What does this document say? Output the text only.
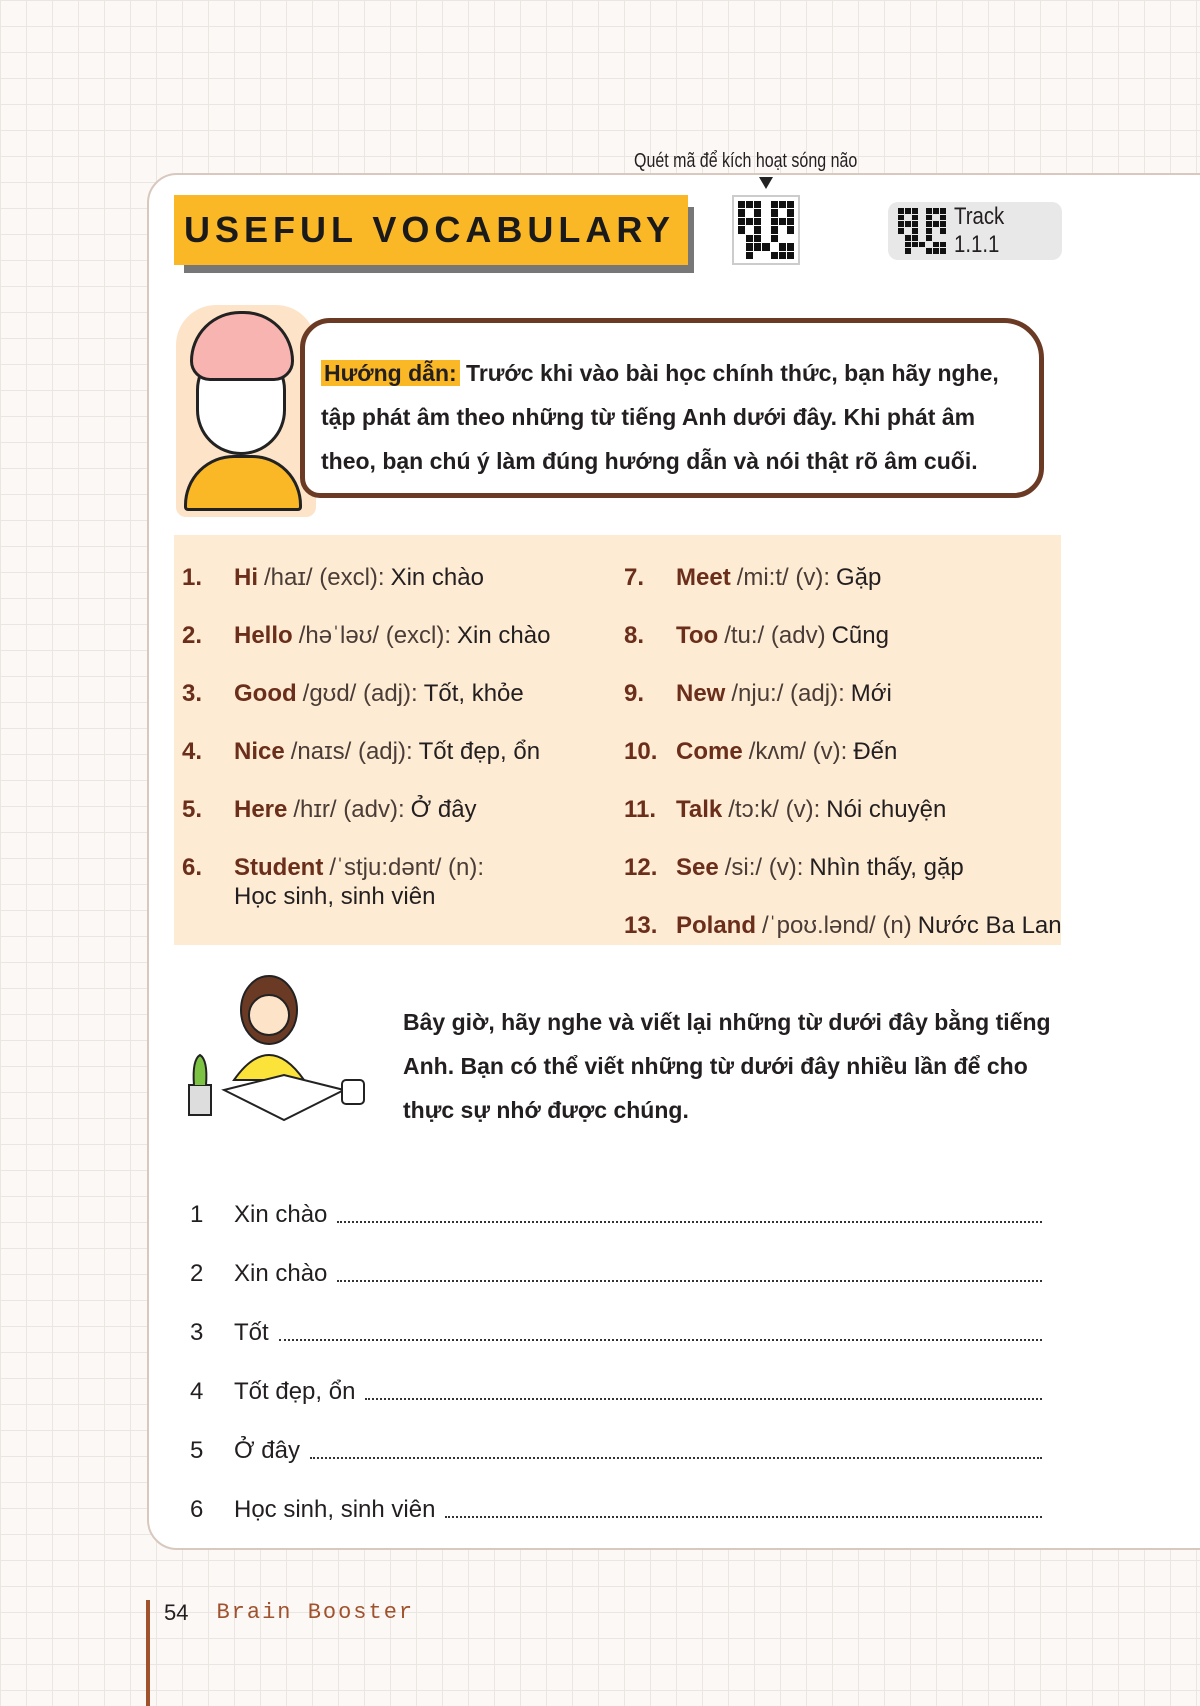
Quét mã để kích hoạt sóng não
USEFUL VOCABULARY	Track 1.1.1
Hướng dẫn: Trước khi vào bài học chính thức, bạn hãy nghe, tập phát âm theo những từ tiếng Anh dưới đây. Khi phát âm theo, bạn chú ý làm đúng hướng dẫn và nói thật rõ âm cuối.
1.	Hi /haɪ/ (excl): Xin chào
2.	Hello /həˈləʊ/ (excl): Xin chào
3.	Good /gʊd/ (adj): Tốt, khỏe
4.	Nice /naɪs/ (adj): Tốt đẹp, ổn
5.	Here /hɪr/ (adv): Ở đây
6.	Student /ˈstju:dənt/ (n):
Học sinh, sinh viên
7.	Meet /mi:t/ (v): Gặp
8.	Too /tu:/ (adv) Cũng
9.	New /nju:/ (adj): Mới
10. Come /kʌm/ (v): Đến
11. Talk /tɔ:k/ (v): Nói chuyện
12. See /si:/ (v): Nhìn thấy, gặp
13. Poland /ˈpoʊ.lənd/ (n) Nước Ba Lan
Bây giờ, hãy nghe và viết lại những từ dưới đây bằng tiếng Anh. Bạn có thể viết những từ dưới đây nhiều lần để cho thực sự nhớ được chúng.
1	Xin chào
2	Xin chào
3	Tốt
4	Tốt đẹp, ổn
5	Ở đây
6	Học sinh, sinh viên
54 Brain Booster
